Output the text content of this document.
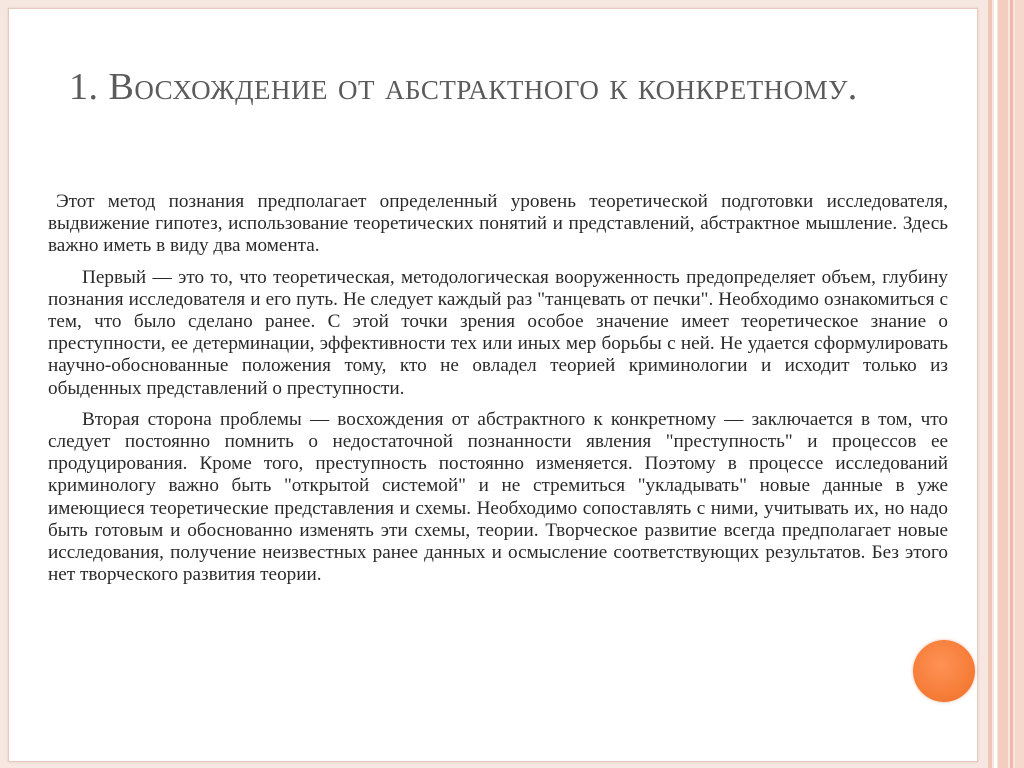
1. Восхождение от абстрактного к конкретному.

Этот метод познания предполагает определенный уровень теоретической подготовки исследователя, выдвижение гипотез, использование теоретических понятий и представлений, абстрактное мышление. Здесь важно иметь в виду два момента.

Первый — это то, что теоретическая, методологическая вооруженность предопределяет объем, глубину познания исследователя и его путь. Не следует каждый раз "танцевать от печки". Необходимо ознакомиться с тем, что было сделано ранее. С этой точки зрения особое значение имеет теоретическое знание о преступности, ее детерминации, эффективности тех или иных мер борьбы с ней. Не удается сформулировать научно-обоснованные положения тому, кто не овладел теорией криминологии и исходит только из обыденных представлений о преступности.

Вторая сторона проблемы — восхождения от абстрактного к конкретному — заключается в том, что следует постоянно помнить о недостаточной познанности явления "преступность" и процессов ее продуцирования. Кроме того, преступность постоянно изменяется. Поэтому в процессе исследований криминологу важно быть "открытой системой" и не стремиться "укладывать" новые данные в уже имеющиеся теоретические представления и схемы. Необходимо сопоставлять с ними, учитывать их, но надо быть готовым и обоснованно изменять эти схемы, теории. Творческое развитие всегда предполагает новые исследования, получение неизвестных ранее данных и осмысление соответствующих результатов. Без этого нет творческого развития теории.
